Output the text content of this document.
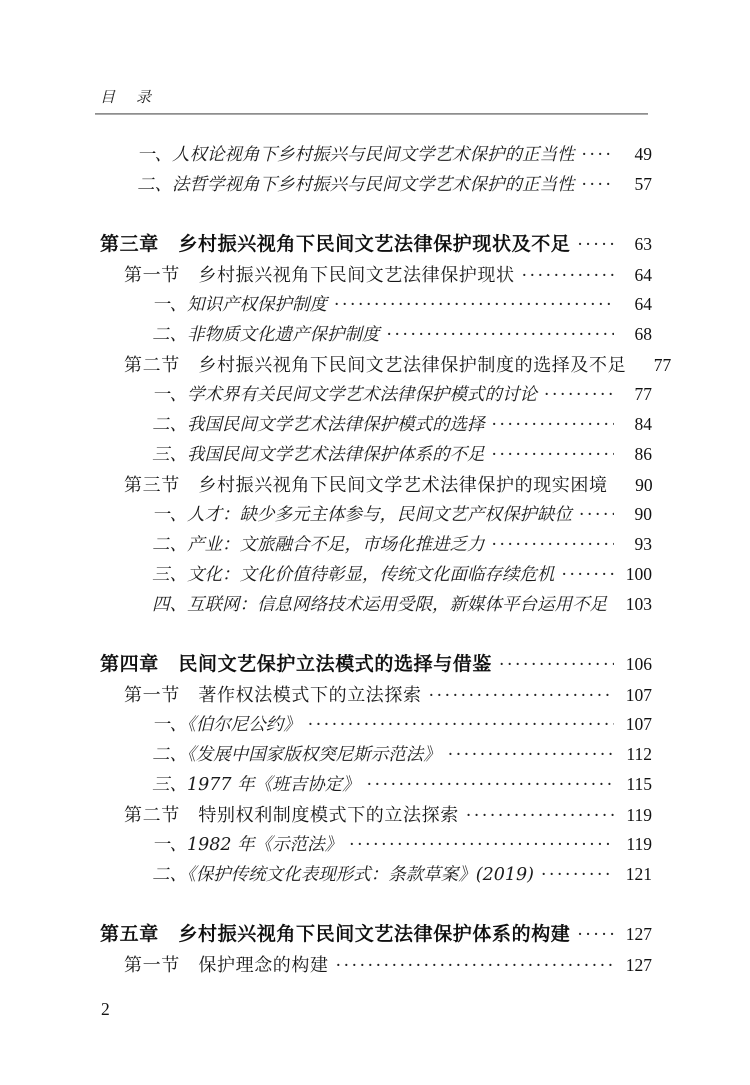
目　录
一、人权论视角下乡村振兴与民间文学艺术保护的正当性 ·····	49
二、法哲学视角下乡村振兴与民间文学艺术保护的正当性 ·····	57
第三章　乡村振兴视角下民间文艺法律保护现状及不足 ·····	63
第一节　乡村振兴视角下民间文艺法律保护现状 ·····	64
一、知识产权保护制度 ·····	64
二、非物质文化遗产保护制度 ·····	68
第二节　乡村振兴视角下民间文艺法律保护制度的选择及不足	77
一、学术界有关民间文学艺术法律保护模式的讨论 ·····	77
二、我国民间文学艺术法律保护模式的选择 ·····	84
三、我国民间文学艺术法律保护体系的不足 ·····	86
第三节　乡村振兴视角下民间文学艺术法律保护的现实困境	90
一、人才：缺少多元主体参与，民间文艺产权保护缺位 ·····	90
二、产业：文旅融合不足，市场化推进乏力 ·····	93
三、文化：文化价值待彰显，传统文化面临存续危机 ·····	100
四、互联网：信息网络技术运用受限，新媒体平台运用不足 103
第四章　民间文艺保护立法模式的选择与借鉴 ·····	106
第一节　著作权法模式下的立法探索 ·····	107
一、《伯尔尼公约》 ·····	107
二、《发展中国家版权突尼斯示范法》 ·····	112
三、1977 年《班吉协定》 ·····	115
第二节　特别权利制度模式下的立法探索 ·····	119
一、1982 年《示范法》 ·····	119
二、《保护传统文化表现形式：条款草案》(2019) ·····	121
第五章　乡村振兴视角下民间文艺法律保护体系的构建 ·····	127
第一节　保护理念的构建 ·····	127
2
